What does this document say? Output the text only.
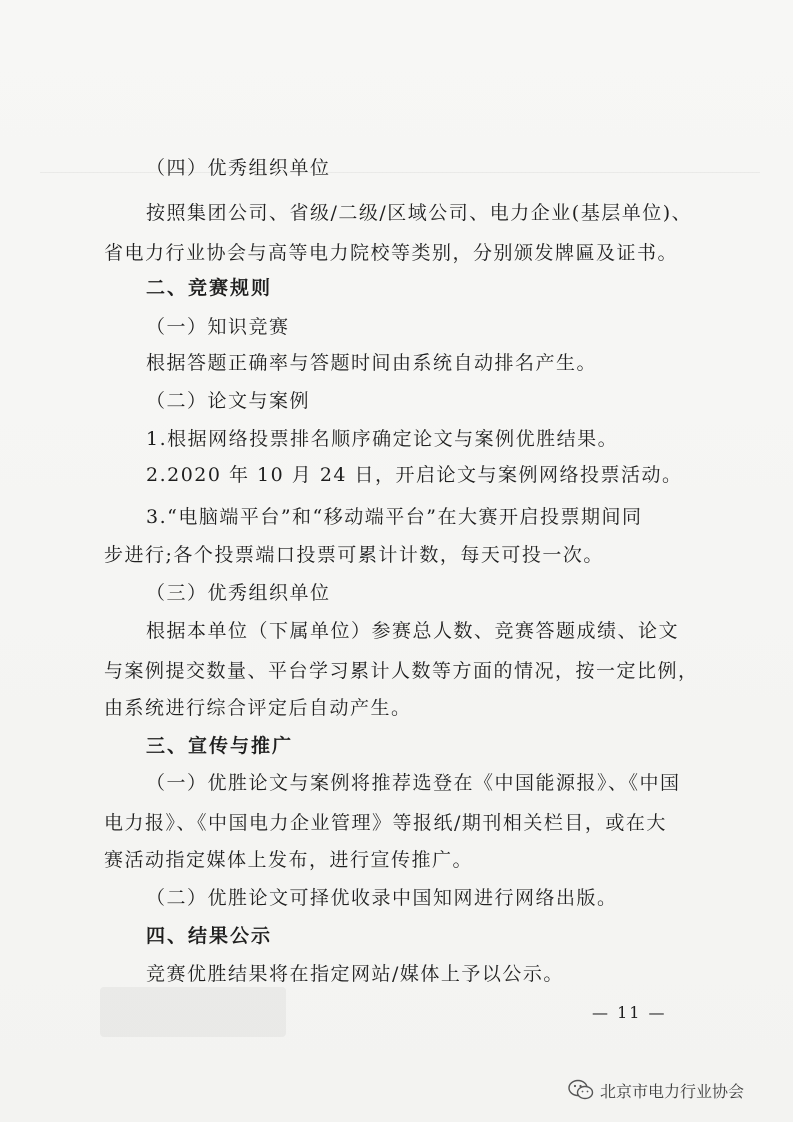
（四）优秀组织单位
按照集团公司、省级/二级/区域公司、电力企业(基层单位)、
省电力行业协会与高等电力院校等类别，分别颁发牌匾及证书。
二、竞赛规则
（一）知识竞赛
根据答题正确率与答题时间由系统自动排名产生。
（二）论文与案例
1.根据网络投票排名顺序确定论文与案例优胜结果。
2.2020 年 10 月 24 日，开启论文与案例网络投票活动。
3.“电脑端平台”和“移动端平台”在大赛开启投票期间同
步进行;各个投票端口投票可累计计数，每天可投一次。
（三）优秀组织单位
根据本单位（下属单位）参赛总人数、竞赛答题成绩、论文
与案例提交数量、平台学习累计人数等方面的情况，按一定比例，
由系统进行综合评定后自动产生。
三、宣传与推广
（一）优胜论文与案例将推荐选登在《中国能源报》、《中国
电力报》、《中国电力企业管理》等报纸/期刊相关栏目，或在大
赛活动指定媒体上发布，进行宣传推广。
（二）优胜论文可择优收录中国知网进行网络出版。
四、结果公示
竞赛优胜结果将在指定网站/媒体上予以公示。
— 11 —
北京市电力行业协会
